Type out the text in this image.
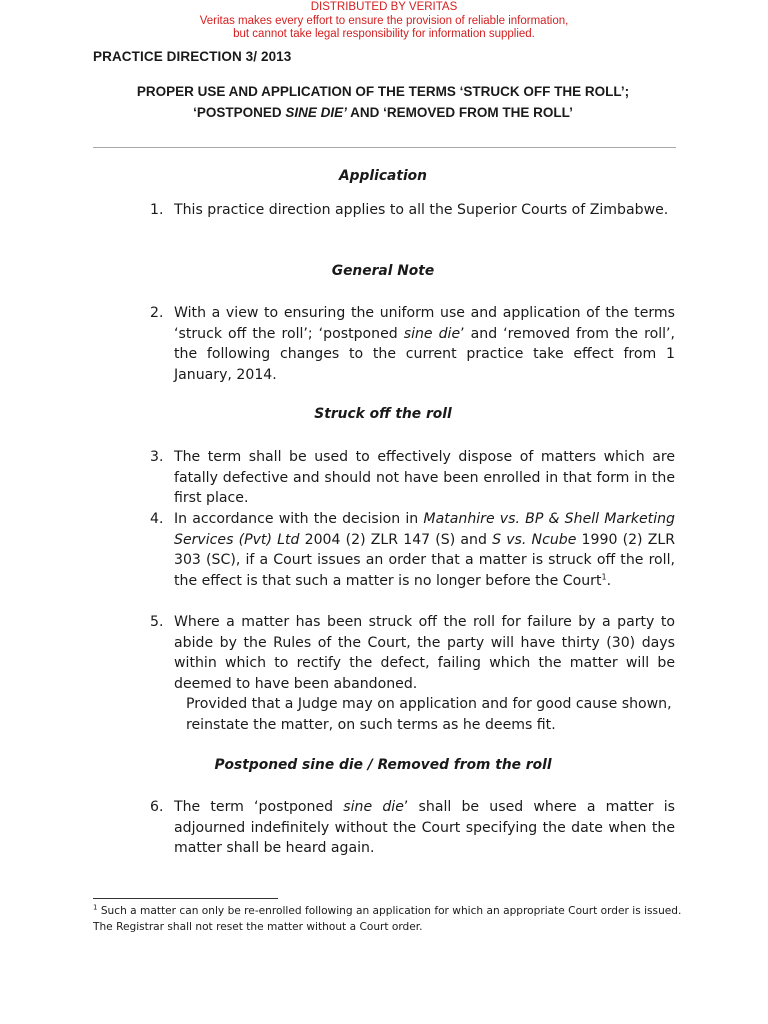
DISTRIBUTED BY VERITAS
Veritas makes every effort to ensure the provision of reliable information,
but cannot take legal responsibility for information supplied.
PRACTICE DIRECTION 3/ 2013
PROPER USE AND APPLICATION OF THE TERMS ‘STRUCK OFF THE ROLL’;
‘POSTPONED SINE DIE’ AND ‘REMOVED FROM THE ROLL’
Application
1. This practice direction applies to all the Superior Courts of Zimbabwe.
General Note
2. With a view to ensuring the uniform use and application of the terms ‘struck off the roll’; ‘postponed sine die’ and ‘removed from the roll’, the following changes to the current practice take effect from 1 January, 2014.
Struck off the roll
3. The term shall be used to effectively dispose of matters which are fatally defective and should not have been enrolled in that form in the first place.
4. In accordance with the decision in Matanhire vs. BP & Shell Marketing Services (Pvt) Ltd 2004 (2) ZLR 147 (S) and S vs. Ncube 1990 (2) ZLR 303 (SC), if a Court issues an order that a matter is struck off the roll, the effect is that such a matter is no longer before the Court$^1$.
5. Where a matter has been struck off the roll for failure by a party to abide by the Rules of the Court, the party will have thirty (30) days within which to rectify the defect, failing which the matter will be deemed to have been abandoned.
Provided that a Judge may on application and for good cause shown, reinstate the matter, on such terms as he deems fit.
Postponed sine die / Removed from the roll
6. The term ‘postponed sine die’ shall be used where a matter is adjourned indefinitely without the Court specifying the date when the matter shall be heard again.
$^1$ Such a matter can only be re-enrolled following an application for which an appropriate Court order is issued. The Registrar shall not reset the matter without a Court order.
